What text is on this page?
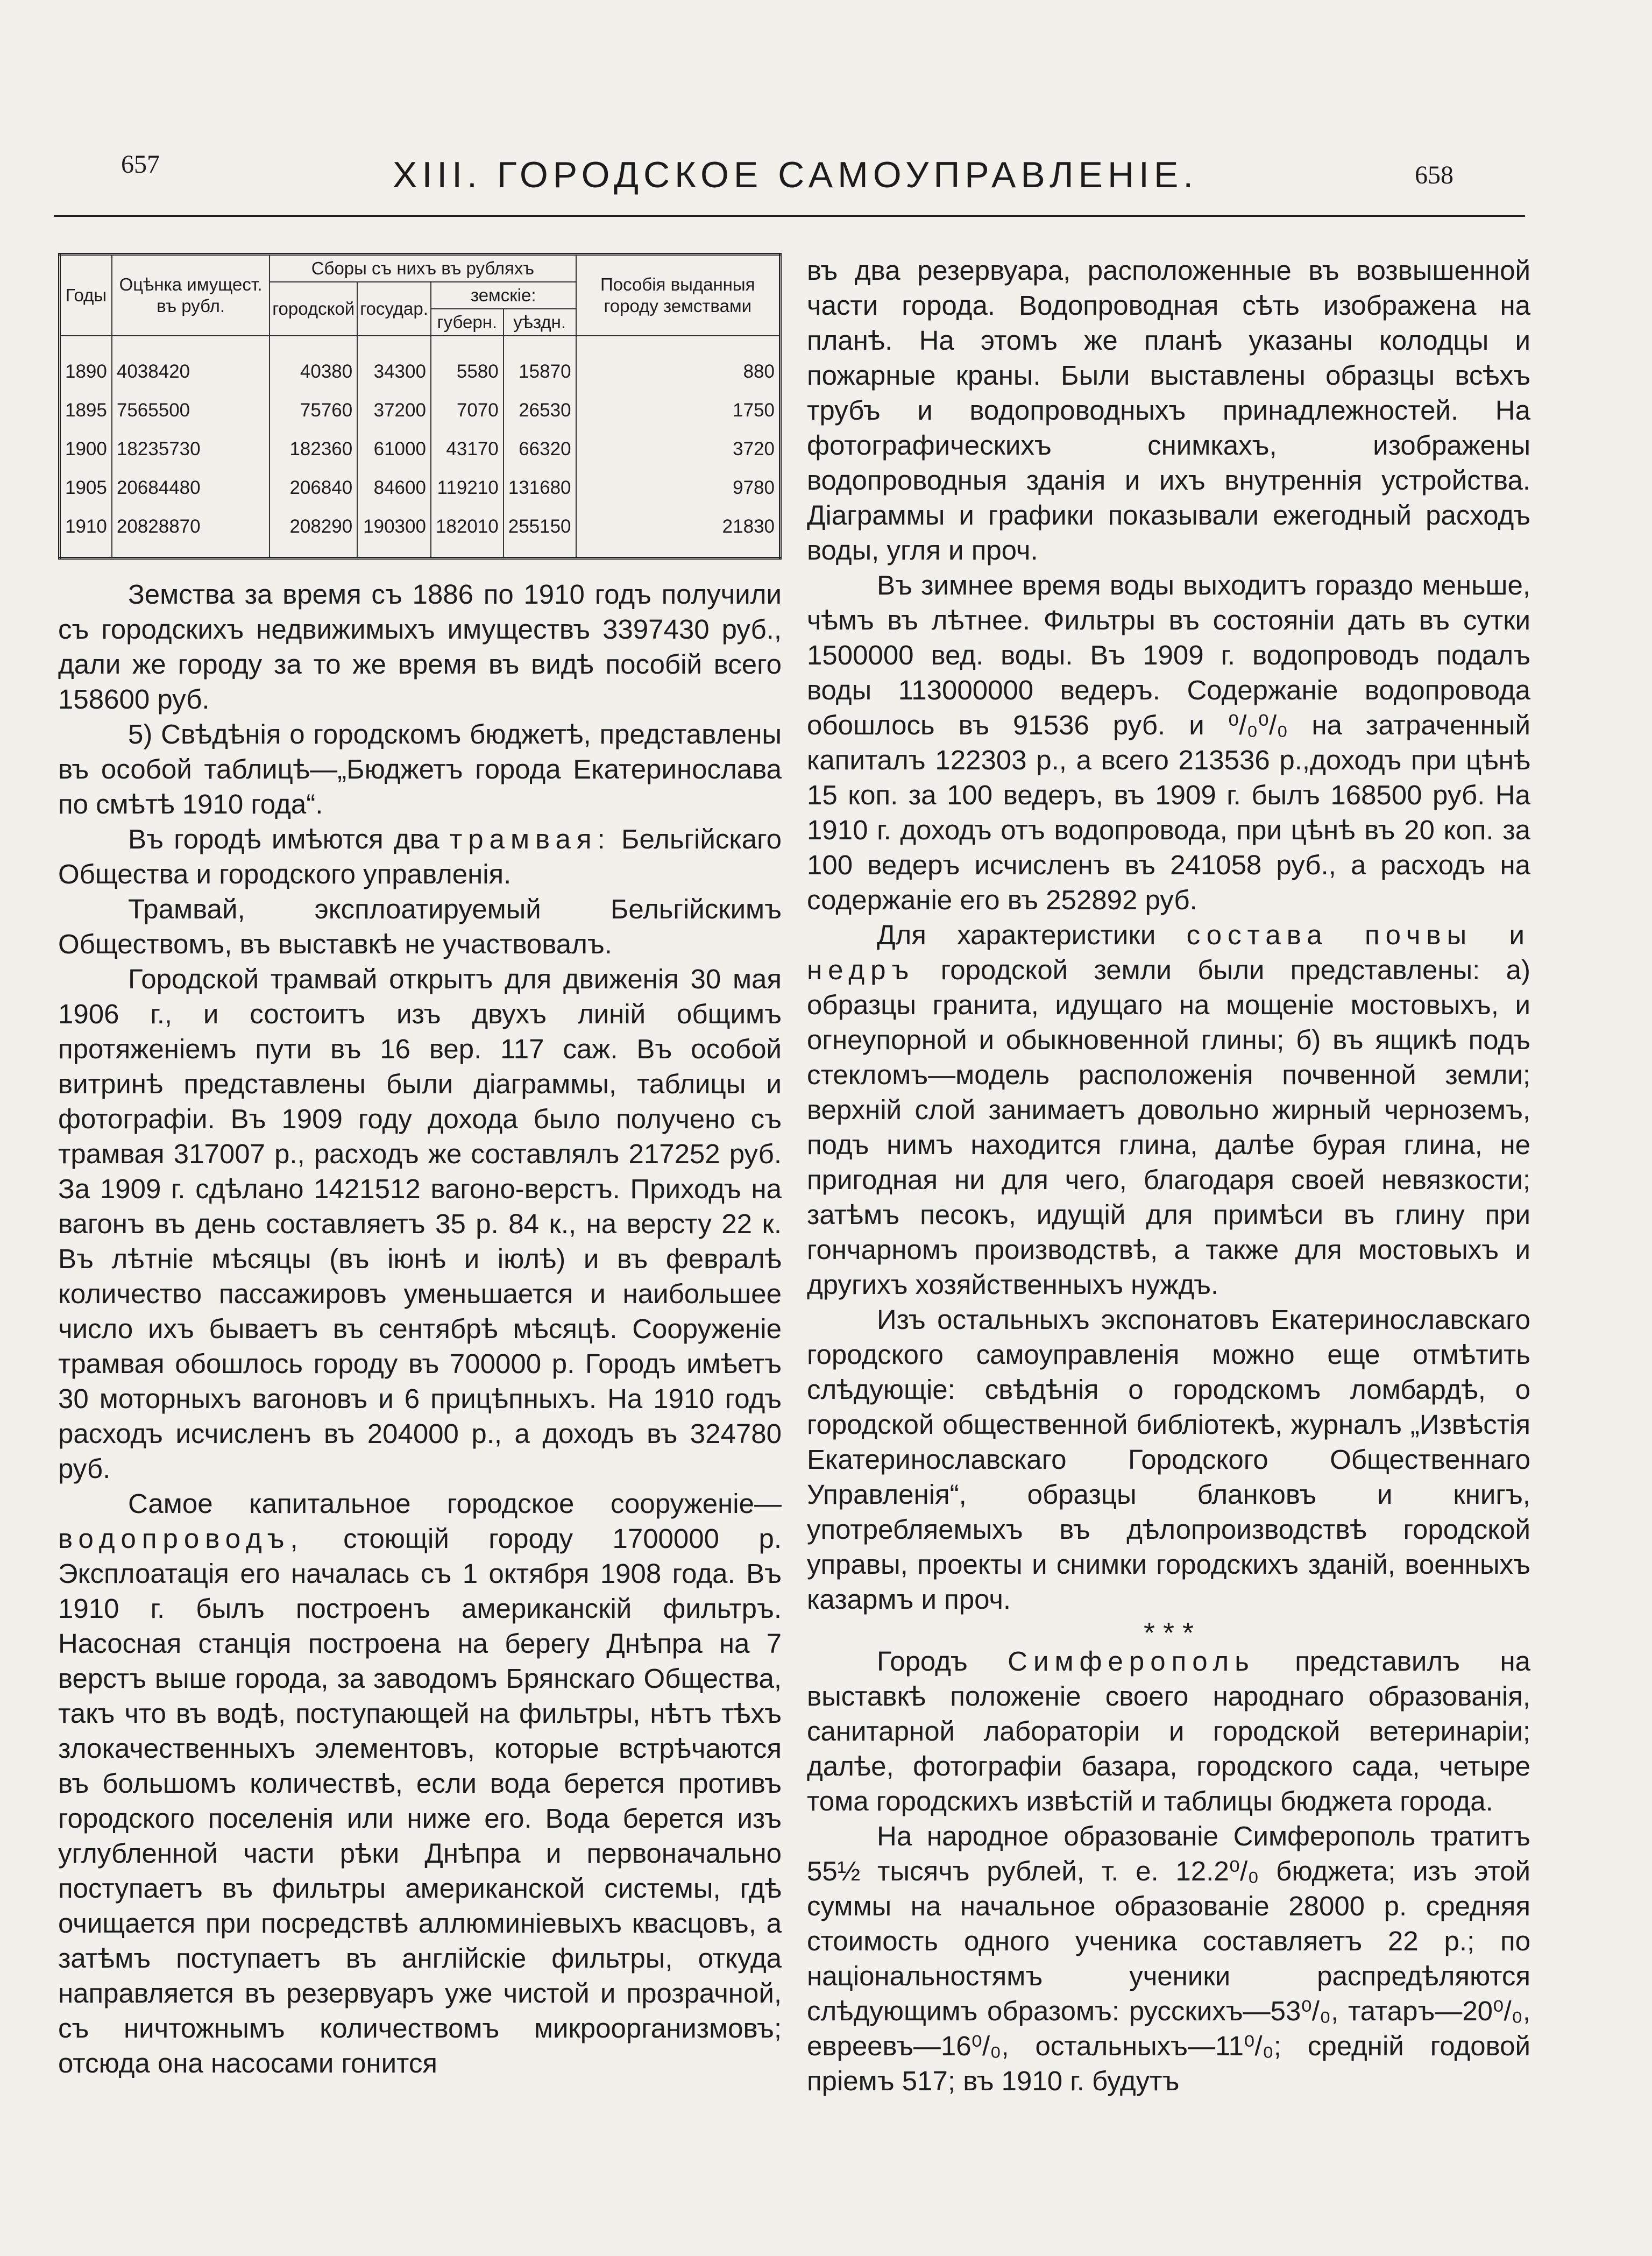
657	XIII. ГОРОДСКОЕ САМОУПРАВЛЕНIЕ.	658
Годы	Оцѣнка имущест. въ рубл.	Сборы съ нихъ въ рубляхъ				Пособiя выданныя городу земствами
		городской	государ.	земскiе:		
				губерн.	уѣздн.	
1890	4038420	40380	34300	5580	15870	880
1895	7565500	75760	37200	7070	26530	1750
1900	18235730	182360	61000	43170	66320	3720
1905	20684480	206840	84600	119210	131680	9780
1910	20828870	208290	190300	182010	255150	21830

Земства за время съ 1886 по 1910 годъ получили съ городскихъ недвижимыхъ имуществъ 3397430 руб., дали же городу за то же время въ видѣ пособiй всего 158600 руб.

5) Свѣдѣнiя о городскомъ бюджетѣ, представлены въ особой таблицѣ—„Бюджетъ города Екатеринослава по смѣтѣ 1910 года“.

Въ городѣ имѣются два трамвая: Бельгiйскаго Общества и городского управленiя.

Трамвай, эксплоатируемый Бельгiйскимъ Обществомъ, въ выставкѣ не участвовалъ.

Городской трамвай открытъ для движенiя 30 мая 1906 г., и состоитъ изъ двухъ линiй общимъ протяженiемъ пути въ 16 вер. 117 саж. Въ особой витринѣ представлены были дiаграммы, таблицы и фотографiи. Въ 1909 году дохода было получено съ трамвая 317007 р., расходъ же составлялъ 217252 руб. За 1909 г. сдѣлано 1421512 вагоно-верстъ. Приходъ на вагонъ въ день составляетъ 35 р. 84 к., на версту 22 к. Въ лѣтнiе мѣсяцы (въ iюнѣ и iюлѣ) и въ февралѣ количество пассажировъ уменьшается и наибольшее число ихъ бываетъ въ сентябрѣ мѣсяцѣ. Сооруженiе трамвая обошлось городу въ 700000 р. Городъ имѣетъ 30 моторныхъ вагоновъ и 6 прицѣпныхъ. На 1910 годъ расходъ исчисленъ въ 204000 р., а доходъ въ 324780 руб.

Самое капитальное городское сооруженiе— водопроводъ, стоющiй городу 1700000 р. Эксплоатацiя его началась съ 1 октября 1908 года. Въ 1910 г. былъ построенъ американскiй фильтръ. Насосная станцiя построена на берегу Днѣпра на 7 верстъ выше города, за заводомъ Брянскаго Общества, такъ что въ водѣ, поступающей на фильтры, нѣтъ тѣхъ злокачественныхъ элементовъ, которые встрѣчаются въ большомъ количествѣ, если вода берется противъ городского поселенiя или ниже его. Вода берется изъ углубленной части рѣки Днѣпра и первоначально поступаетъ въ фильтры американской системы, гдѣ очищается при посредствѣ аллюминiевыхъ квасцовъ, а затѣмъ поступаетъ въ англiйскiе фильтры, откуда направляется въ резервуаръ уже чистой и прозрачной, съ ничтожнымъ количествомъ микроорганизмовъ; отсюда она насосами гонится

въ два резервуара, расположенные въ возвышенной части города. Водопроводная сѣть изображена на планѣ. На этомъ же планѣ указаны колодцы и пожарные краны. Были выставлены образцы всѣхъ трубъ и водопроводныхъ принадлежностей. На фотографическихъ снимкахъ, изображены водопроводныя зданiя и ихъ внутреннiя устройства. Дiаграммы и графики показывали ежегодный расходъ воды, угля и проч.

Въ зимнее время воды выходитъ гораздо меньше, чѣмъ въ лѣтнее. Фильтры въ состоянiи дать въ сутки 1500000 вед. воды. Въ 1909 г. водопроводъ подалъ воды 113000000 ведеръ. Содержанiе водопровода обошлось въ 91536 руб. и ⁰/₀⁰/₀ на затраченный капиталъ 122303 р., а всего 213536 р.,доходъ при цѣнѣ 15 коп. за 100 ведеръ, въ 1909 г. былъ 168500 руб. На 1910 г. доходъ отъ водопровода, при цѣнѣ въ 20 коп. за 100 ведеръ исчисленъ въ 241058 руб., а расходъ на содержанiе его въ 252892 руб.

Для характеристики состава почвы и недръ городской земли были представлены: а) образцы гранита, идущаго на мощенiе мостовыхъ, и огнеупорной и обыкновенной глины; б) въ ящикѣ подъ стекломъ—модель расположенiя почвенной земли; верхнiй слой занимаетъ довольно жирный черноземъ, подъ нимъ находится глина, далѣе бурая глина, не пригодная ни для чего, благодаря своей невязкости; затѣмъ песокъ, идущiй для примѣси въ глину при гончарномъ производствѣ, а также для мостовыхъ и другихъ хозяйственныхъ нуждъ.

Изъ остальныхъ экспонатовъ Екатеринославскаго городского самоуправленiя можно еще отмѣтить слѣдующiе: свѣдѣнiя о городскомъ ломбардѣ, о городской общественной библiотекѣ, журналъ „Извѣстiя Екатеринославскаго Городского Общественнаго Управленiя“, образцы бланковъ и книгъ, употребляемыхъ въ дѣлопроизводствѣ городской управы, проекты и снимки городскихъ зданiй, военныхъ казармъ и проч.

* * *

Городъ Симферополь представилъ на выставкѣ положенiе своего народнаго образованiя, санитарной лабораторiи и городской ветеринарiи; далѣе, фотографiи базара, городского сада, четыре тома городскихъ извѣстiй и таблицы бюджета города.

На народное образованiе Симферополь тратитъ 55½ тысячъ рублей, т. е. 12.2⁰/₀ бюджета; изъ этой суммы на начальное образованiе 28000 р. средняя стоимость одного ученика составляетъ 22 р.; по нацiональностямъ ученики распредѣляются слѣдующимъ образомъ: русскихъ—53⁰/₀, татаръ—20⁰/₀, евреевъ—16⁰/₀, остальныхъ—11⁰/₀; среднiй годовой прiемъ 517; въ 1910 г. будутъ
